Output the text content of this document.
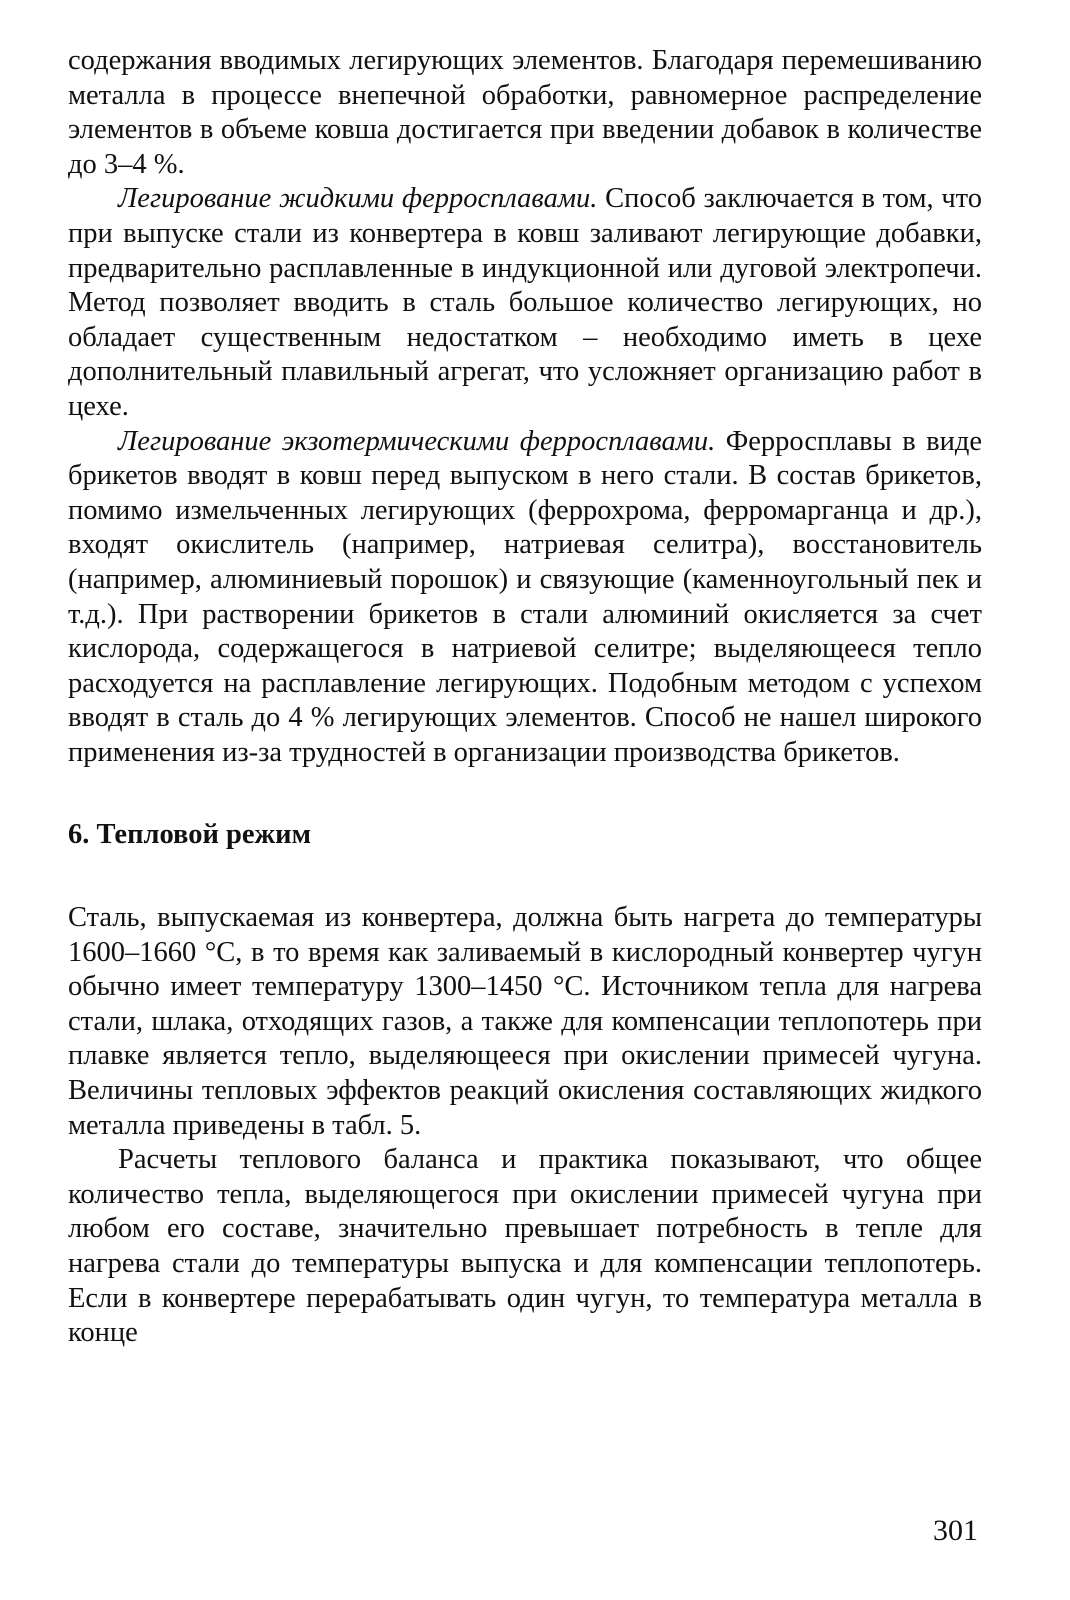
содержания вводимых легирующих элементов. Благодаря перемешиванию металла в процессе внепечной обработки, равномерное распределение элементов в объеме ковша достигается при введении добавок в количестве до 3–4 %.

Легирование жидкими ферросплавами. Способ заключается в том, что при выпуске стали из конвертера в ковш заливают легирующие добавки, предварительно расплавленные в индукционной или дуговой электропечи. Метод позволяет вводить в сталь большое количество легирующих, но обладает существенным недостатком – необходимо иметь в цехе дополнительный плавильный агрегат, что усложняет организацию работ в цехе.

Легирование экзотермическими ферросплавами. Ферросплавы в виде брикетов вводят в ковш перед выпуском в него стали. В состав брикетов, помимо измельченных легирующих (феррохрома, ферромарганца и др.), входят окислитель (например, натриевая селитра), восстановитель (например, алюминиевый порошок) и связующие (каменноугольный пек и т.д.). При растворении брикетов в стали алюминий окисляется за счет кислорода, содержащегося в натриевой селитре; выделяющееся тепло расходуется на расплавление легирующих. Подобным методом с успехом вводят в сталь до 4 % легирующих элементов. Способ не нашел широкого применения из-за трудностей в организации производства брикетов.

6. Тепловой режим

Сталь, выпускаемая из конвертера, должна быть нагрета до температуры 1600–1660 °С, в то время как заливаемый в кислородный конвертер чугун обычно имеет температуру 1300–1450 °С. Источником тепла для нагрева стали, шлака, отходящих газов, а также для компенсации теплопотерь при плавке является тепло, выделяющееся при окислении примесей чугуна. Величины тепловых эффектов реакций окисления составляющих жидкого металла приведены в табл. 5.

Расчеты теплового баланса и практика показывают, что общее количество тепла, выделяющегося при окислении примесей чугуна при любом его составе, значительно превышает потребность в тепле для нагрева стали до температуры выпуска и для компенсации теплопотерь. Если в конвертере перерабатывать один чугун, то температура металла в конце

301
